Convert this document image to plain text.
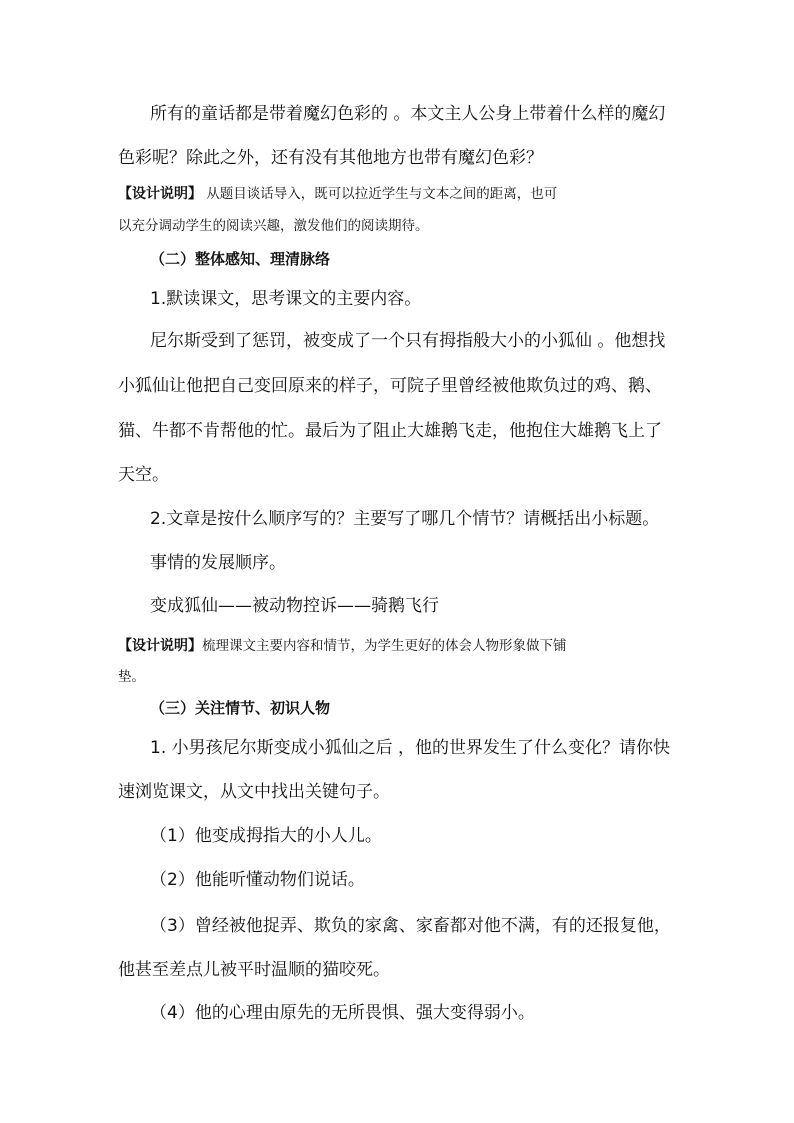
所有的童话都是带着魔幻色彩的 。本文主人公身上带着什么样的魔幻
色彩呢？除此之外，还有没有其他地方也带有魔幻色彩？
【设计说明】 从题目谈话导入，既可以拉近学生与文本之间的距离，也可
以充分调动学生的阅读兴趣，激发他们的阅读期待。
（二）整体感知、理清脉络
1.默读课文，思考课文的主要内容。
尼尔斯受到了惩罚，被变成了一个只有拇指般大小的小狐仙 。他想找
小狐仙让他把自己变回原来的样子，可院子里曾经被他欺负过的鸡、鹅、
猫、牛都不肯帮他的忙。最后为了阻止大雄鹅飞走，他抱住大雄鹅飞上了
天空。
2.文章是按什么顺序写的？主要写了哪几个情节？请概括出小标题。
事情的发展顺序。
变成狐仙——被动物控诉——骑鹅飞行
【设计说明】梳理课文主要内容和情节，为学生更好的体会人物形象做下铺
垫。
（三）关注情节、初识人物
1. 小男孩尼尔斯变成小狐仙之后 ，他的世界发生了什么变化？请你快
速浏览课文，从文中找出关键句子。
（1）他变成拇指大的小人儿。
（2）他能听懂动物们说话。
（3）曾经被他捉弄、欺负的家禽、家畜都对他不满，有的还报复他，
他甚至差点儿被平时温顺的猫咬死。
（4）他的心理由原先的无所畏惧、强大变得弱小。
